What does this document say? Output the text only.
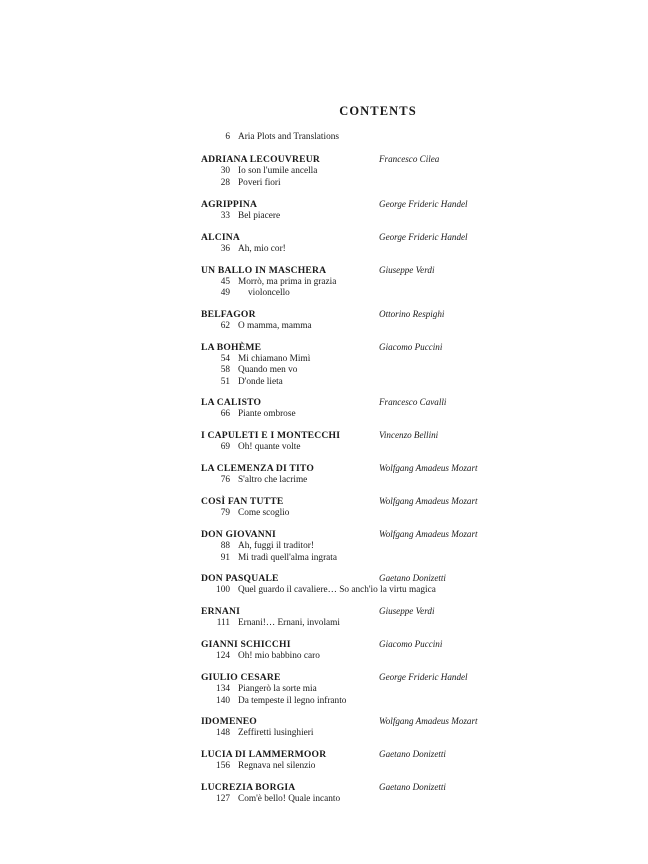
CONTENTS
6 Aria Plots and Translations
ADRIANA LECOUVREUR	Francesco Cilea
30 Io son l'umile ancella
28 Poveri fiori
AGRIPPINA	George Frideric Handel
33 Bel piacere
ALCINA	George Frideric Handel
36 Ah, mio cor!
UN BALLO IN MASCHERA	Giuseppe Verdi
45 Morrò, ma prima in grazia
49	violoncello
BELFAGOR	Ottorino Respighi
62 O mamma, mamma
LA BOHÈME	Giacomo Puccini
54 Mi chiamano Mimì
58 Quando men vo
51 D'onde lieta
LA CALISTO	Francesco Cavalli
66 Piante ombrose
I CAPULETI E I MONTECCHI	Vincenzo Bellini
69 Oh! quante volte
LA CLEMENZA DI TITO	Wolfgang Amadeus Mozart
76 S'altro che lacrime
COSÌ FAN TUTTE	Wolfgang Amadeus Mozart
79 Come scoglio
DON GIOVANNI	Wolfgang Amadeus Mozart
88 Ah, fuggi il traditor!
91 Mi tradì quell'alma ingrata
DON PASQUALE	Gaetano Donizetti
100 Quel guardo il cavaliere… So anch'io la virtu magica
ERNANI	Giuseppe Verdi
111 Ernani!… Ernani, involami
GIANNI SCHICCHI	Giacomo Puccini
124 Oh! mio babbino caro
GIULIO CESARE	George Frideric Handel
134 Piangerò la sorte mia
140 Da tempeste il legno infranto
IDOMENEO	Wolfgang Amadeus Mozart
148 Zeffiretti lusinghieri
LUCIA DI LAMMERMOOR	Gaetano Donizetti
156 Regnava nel silenzio
LUCREZIA BORGIA	Gaetano Donizetti
127 Com'è bello! Quale incanto
